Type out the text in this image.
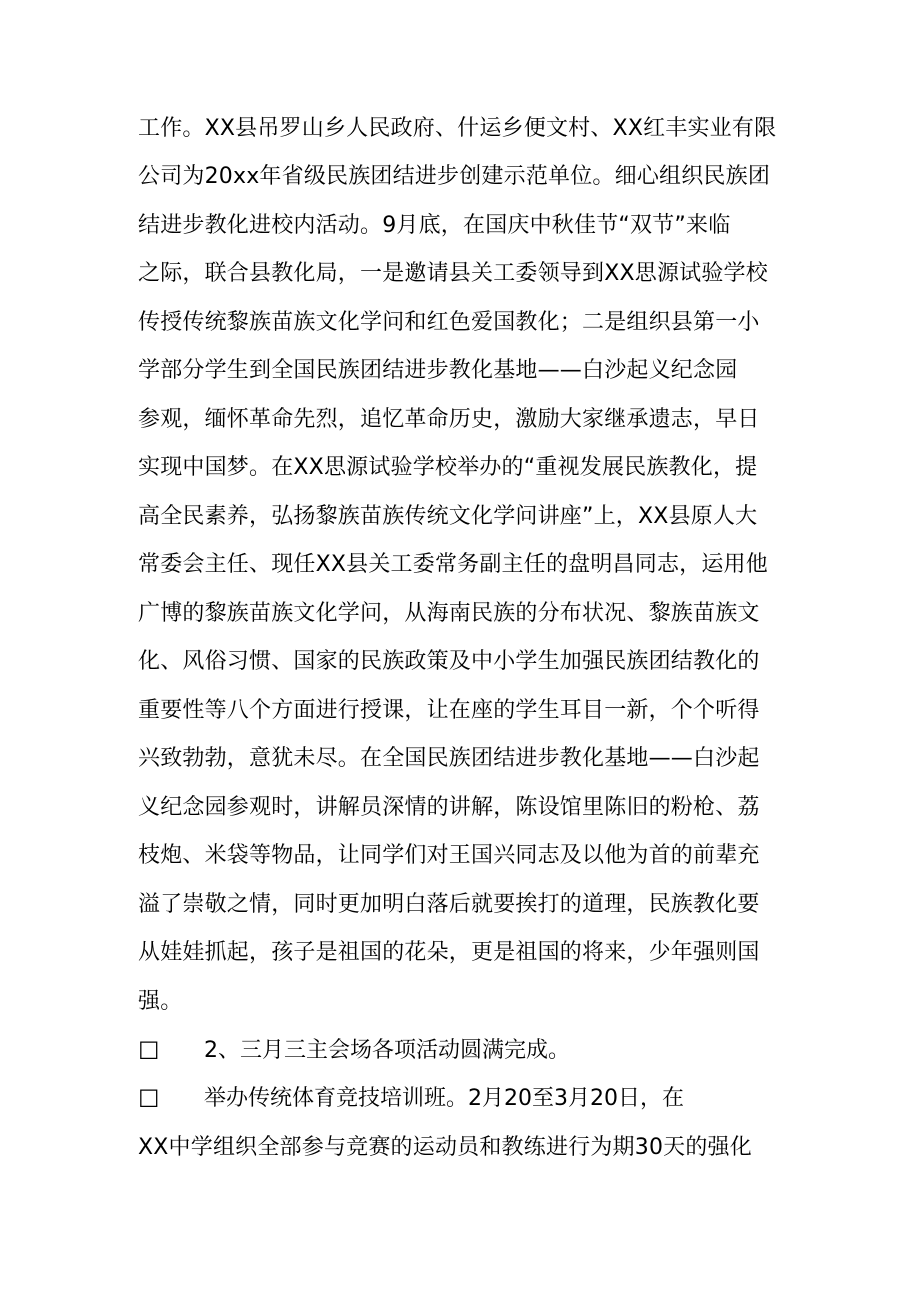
工作。XX县吊罗山乡人民政府、什运乡便文村、XX红丰实业有限
公司为20xx年省级民族团结进步创建示范单位。细心组织民族团
结进步教化进校内活动。9月底，在国庆中秋佳节“双节”来临
之际，联合县教化局，一是邀请县关工委领导到XX思源试验学校
传授传统黎族苗族文化学问和红色爱国教化；二是组织县第一小
学部分学生到全国民族团结进步教化基地——白沙起义纪念园
参观，缅怀革命先烈，追忆革命历史，激励大家继承遗志，早日
实现中国梦。在XX思源试验学校举办的“重视发展民族教化，提
高全民素养，弘扬黎族苗族传统文化学问讲座”上，XX县原人大
常委会主任、现任XX县关工委常务副主任的盘明昌同志，运用他
广博的黎族苗族文化学问，从海南民族的分布状况、黎族苗族文
化、风俗习惯、国家的民族政策及中小学生加强民族团结教化的
重要性等八个方面进行授课，让在座的学生耳目一新，个个听得
兴致勃勃，意犹未尽。在全国民族团结进步教化基地——白沙起
义纪念园参观时，讲解员深情的讲解，陈设馆里陈旧的粉枪、荔
枝炮、米袋等物品，让同学们对王国兴同志及以他为首的前辈充
溢了崇敬之情，同时更加明白落后就要挨打的道理，民族教化要
从娃娃抓起，孩子是祖国的花朵，更是祖国的将来，少年强则国
强。
☐ 2、三月三主会场各项活动圆满完成。
☐ 举办传统体育竞技培训班。2月20至3月20日，在
XX中学组织全部参与竞赛的运动员和教练进行为期30天的强化
